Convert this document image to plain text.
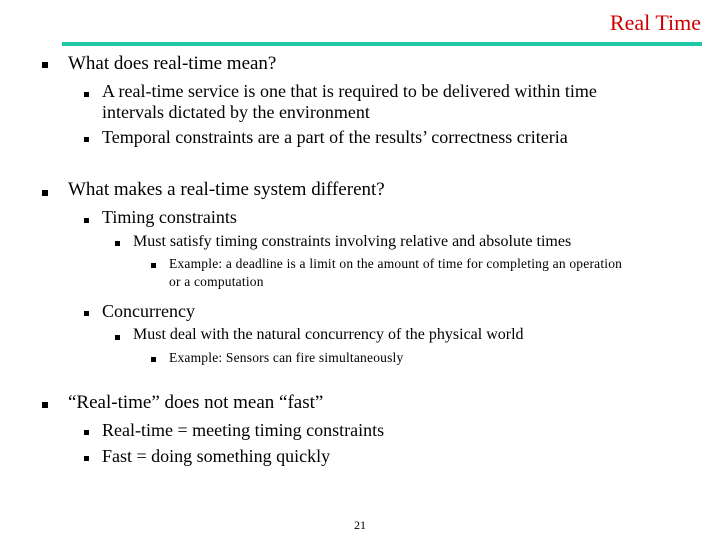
Real Time
What does real-time mean?
A real-time service is one that is required to be delivered within time
intervals dictated by the environment
Temporal constraints are a part of the results’ correctness criteria
What makes a real-time system different?
Timing constraints
Must satisfy timing constraints involving relative and absolute times
Example: a deadline is a limit on the amount of time for completing an operation
or a computation
Concurrency
Must deal with the natural concurrency of the physical world
Example: Sensors can fire simultaneously
“Real-time” does not mean “fast”
Real-time = meeting timing constraints
Fast = doing something quickly
21
